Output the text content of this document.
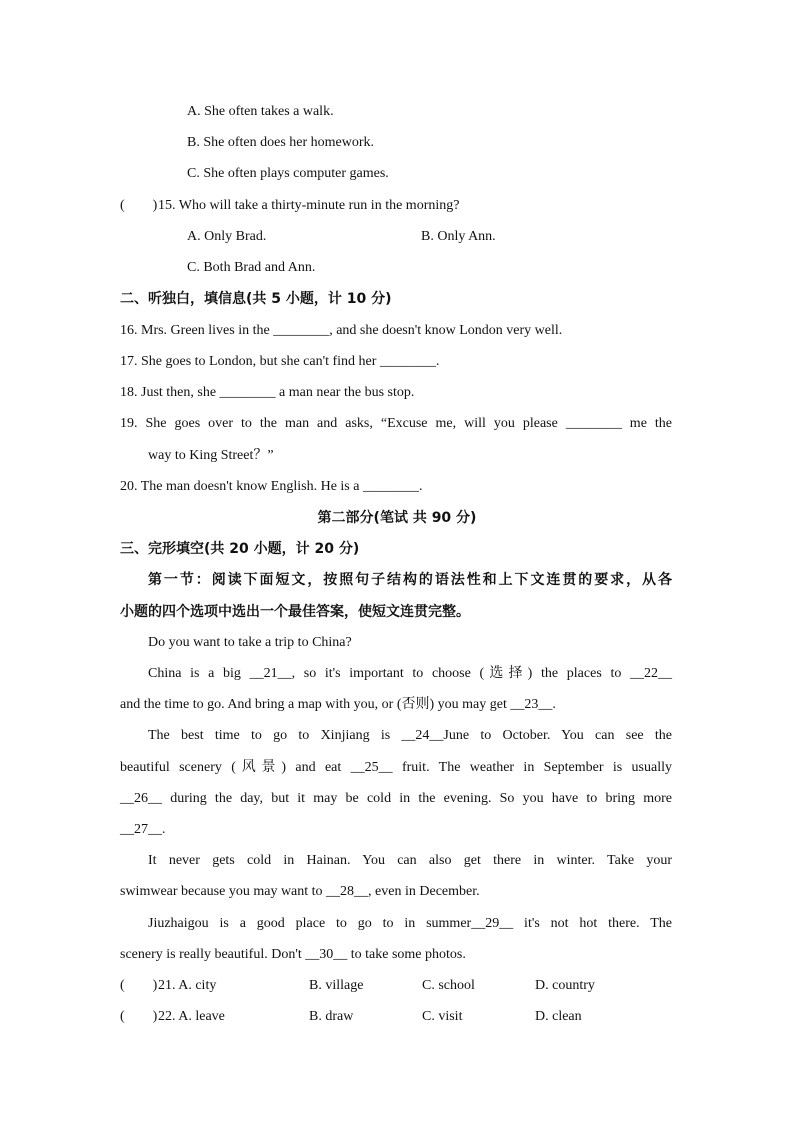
A. She often takes a walk.
B. She often does her homework.
C. She often plays computer games.
(　　) 15. Who will take a thirty-minute run in the morning?
A. Only Brad.	B. Only Ann.
C. Both Brad and Ann.
二、听独白，填信息(共 5 小题，计 10 分)
16. Mrs. Green lives in the ________, and she doesn't know London very well.
17. She goes to London, but she can't find her ________.
18. Just then, she ________ a man near the bus stop.
19. She goes over to the man and asks, “Excuse me, will you please ________ me the
way to King Street？”
20. The man doesn't know English. He is a ________.
第二部分(笔试 共 90 分)
三、完形填空(共 20 小题，计 20 分)
第一节：阅读下面短文，按照句子结构的语法性和上下文连贯的要求，从各
小题的四个选项中选出一个最佳答案，使短文连贯完整。
Do you want to take a trip to China?
China is a big __21__, so it's important to choose (选择) the places to __22__
and the time to go. And bring a map with you, or (否则) you may get __23__.
The best time to go to Xinjiang is __24__June to October. You can see the
beautiful scenery (风景) and eat __25__ fruit. The weather in September is usually
__26__ during the day, but it may be cold in the evening. So you have to bring more
__27__.
It never gets cold in Hainan. You can also get there in winter. Take your
swimwear because you may want to __28__, even in December.
Jiuzhaigou is a good place to go to in summer__29__ it's not hot there. The
scenery is really beautiful. Don't __30__ to take some photos.
(　　) 21. A. city	B. village	C. school	D. country
(　　) 22. A. leave	B. draw	C. visit	D. clean
